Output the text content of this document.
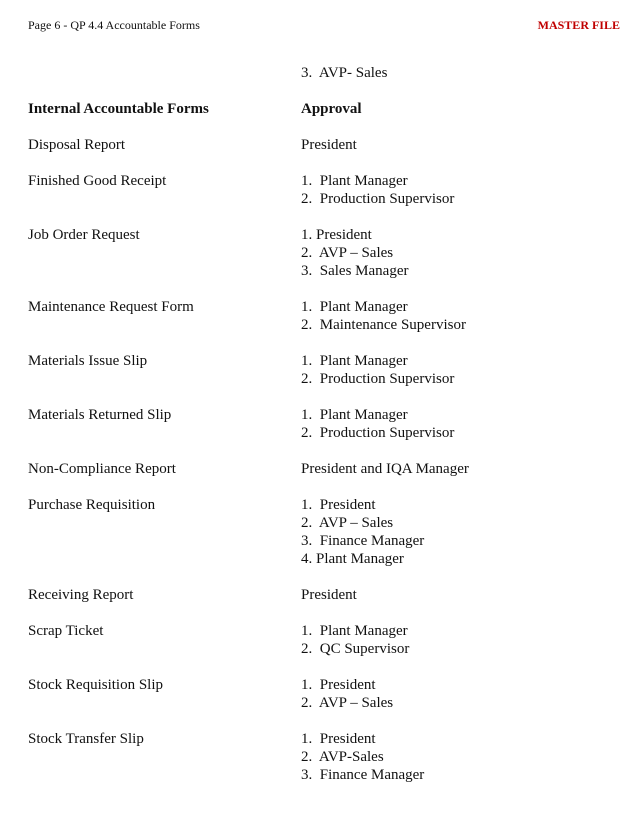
Page 6 - QP 4.4 Accountable Forms	MASTER FILE
3.  AVP- Sales
Internal Accountable Forms	Approval
Disposal Report	President
Finished Good Receipt	1.  Plant Manager
2.  Production Supervisor
Job Order Request	1. President
2.  AVP – Sales
3.  Sales Manager
Maintenance Request Form	1.  Plant Manager
2.  Maintenance Supervisor
Materials Issue Slip	1.  Plant Manager
2.  Production Supervisor
Materials Returned Slip	1.  Plant Manager
2.  Production Supervisor
Non-Compliance Report	President and IQA Manager
Purchase Requisition	1.  President
2.  AVP – Sales
3.  Finance Manager
4. Plant Manager
Receiving Report	President
Scrap Ticket	1.  Plant Manager
2.  QC Supervisor
Stock Requisition Slip	1.  President
2.  AVP – Sales
Stock Transfer Slip	1.  President
2.  AVP-Sales
3.  Finance Manager
